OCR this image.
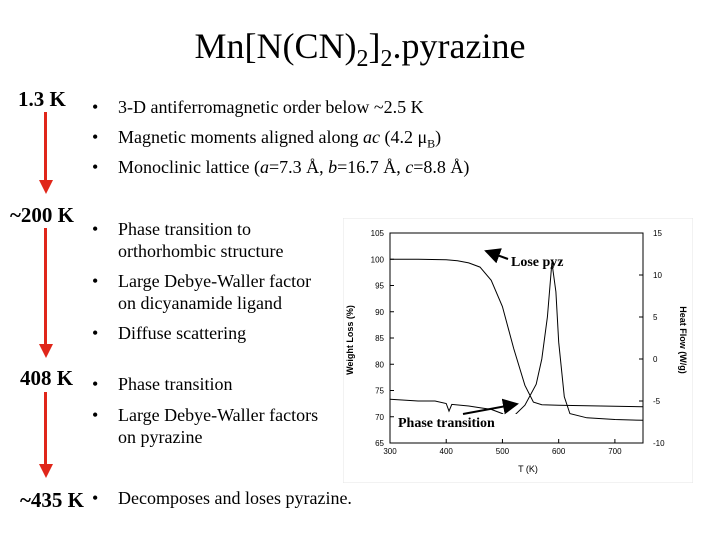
$Mn[N(CN)_2]_2.pyrazine$
1.3 K
~200 K
408 K
~435 K
• 3-D antiferromagnetic order below ~2.5 K
• Magnetic moments aligned along ac (4.2 $\mu_B$)
• Monoclinic lattice (a=7.3 Å, b=16.7 Å, c=8.8 Å)
• Phase transition to
orthorhombic structure
• Large Debye-Waller factor
on dicyanamide ligand
• Diffuse scattering
• Phase transition
• Large Debye-Waller factors
on pyrazine
• Decomposes and loses pyrazine.
105
100
95
90
85
80
75
70
65
15
10
5
0
-5
-10
300	400	500	600	700
T (K)
Weight Loss (%)	Heat Flow (W/g)
Lose pyz
Phase transition
